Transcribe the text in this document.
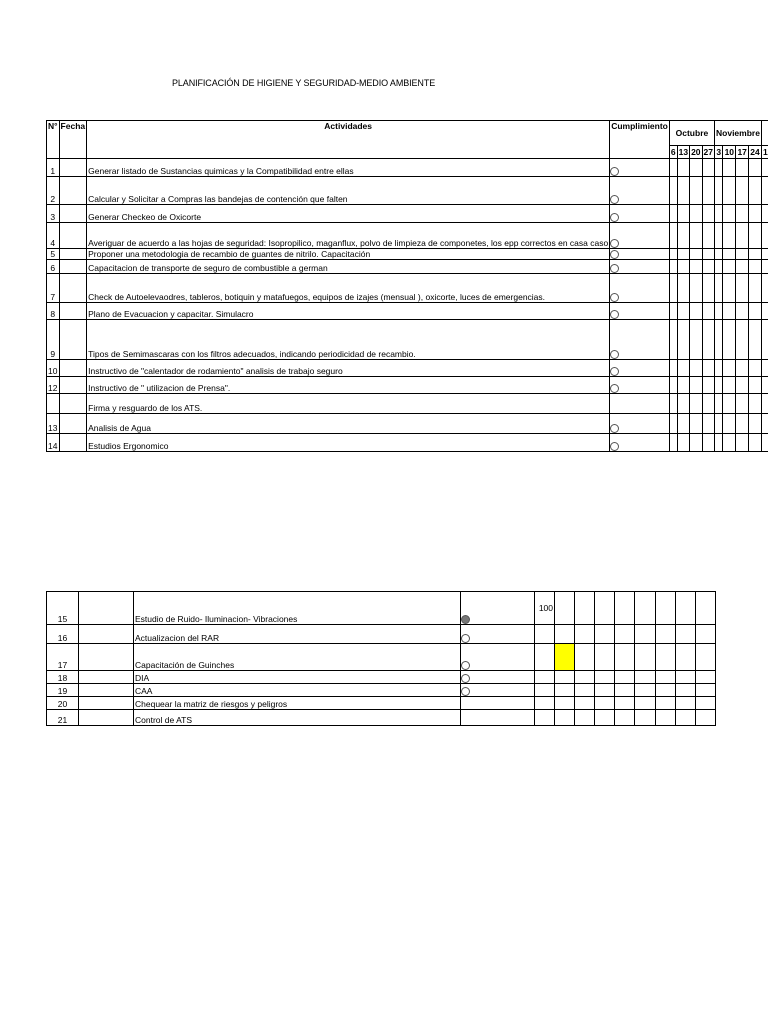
PLANIFICACIÓN DE HIGIENE Y SEGURIDAD-MEDIO AMBIENTE
N°	Fecha	Actividades	Cumplimiento	Octubre				Noviembre					
				6	13	20	27	3	10	17	24	1	
1		Generar listado de Sustancias quimicas y la Compatibilidad entre ellas	

2		Calcular y Solicitar a Compras las bandejas de contención que falten	

3		Generar Checkeo de Oxicorte	

4		Averiguar de acuerdo a las hojas de seguridad: Isopropilico, maganflux, polvo de limpieza de componetes, los epp correctos en casa caso	

5		Proponer una metodologia de recambio de guantes de nitrilo. Capacitación	

6		Capacitacion de transporte de seguro de combustible a german	

7		Check de Autoelevaodres, tableros, botiquin y matafuegos, equipos de izajes (mensual ), oxicorte, luces de emergencias.	

8		Plano de Evacuacion y capacitar. Simulacro	

9		Tipos de Semimascaras con los filtros adecuados, indicando periodicidad de recambio.	

10		Instructivo de "calentador de rodamiento" analisis de trabajo seguro	

12		Instructivo de " utilizacion de Prensa".	

		Firma y resguardo de los ATS.											
13		Analisis de Agua	

14		Estudios Ergonomico	

15		Estudio de Ruido- Iluminacion- Vibraciones		100								
16		Actualizacion del RAR	

17		Capacitación de Guinches	

18		DIA	

19		CAA	

20		Chequear la matriz de riesgos y peligros										
21		Control de ATS										
